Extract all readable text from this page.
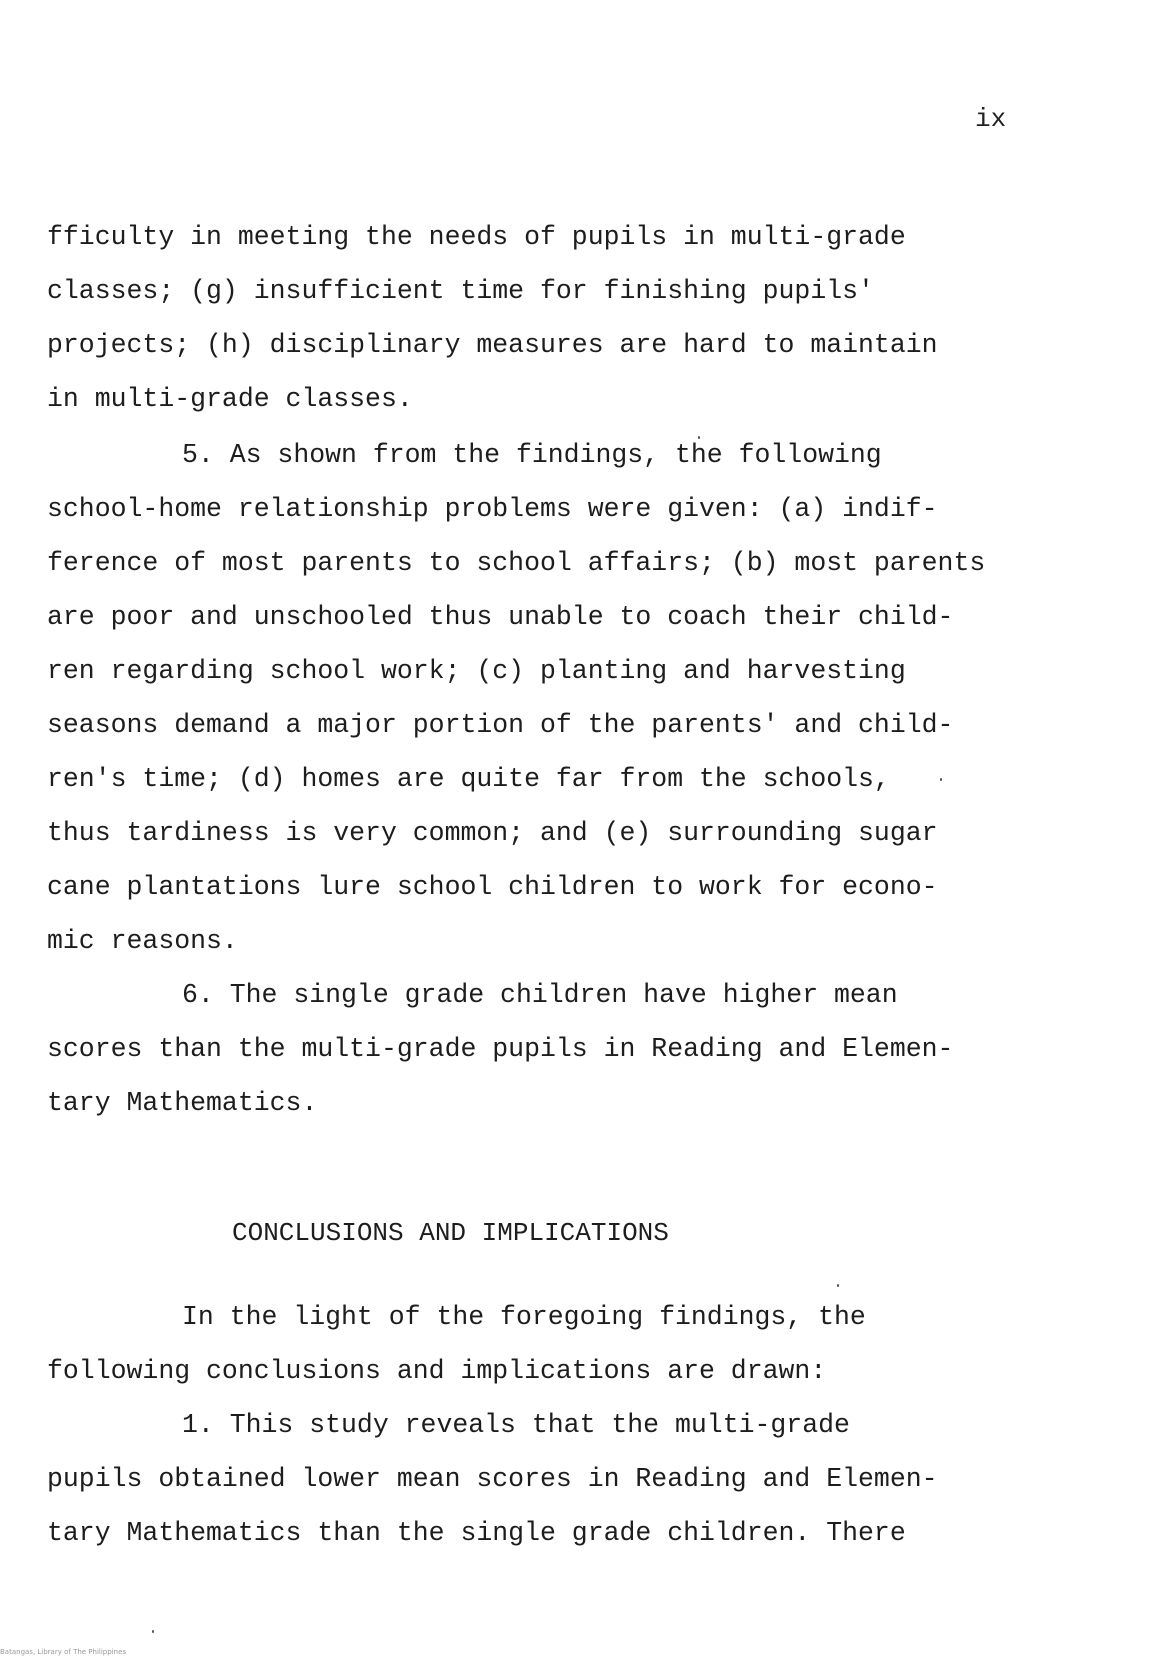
ix
fficulty in meeting the needs of pupils in multi-grade
classes; (g) insufficient time for finishing pupils'
projects; (h) disciplinary measures are hard to maintain
in multi-grade classes.
5. As shown from the findings, the following
school-home relationship problems were given: (a) indif-
ference of most parents to school affairs; (b) most parents
are poor and unschooled thus unable to coach their child-
ren regarding school work; (c) planting and harvesting
seasons demand a major portion of the parents' and child-
ren's time; (d) homes are quite far from the schools,
thus tardiness is very common; and (e) surrounding sugar
cane plantations lure school children to work for econo-
mic reasons.
6. The single grade children have higher mean
scores than the multi-grade pupils in Reading and Elemen-
tary Mathematics.
CONCLUSIONS AND IMPLICATIONS
In the light of the foregoing findings, the
following conclusions and implications are drawn:
1. This study reveals that the multi-grade
pupils obtained lower mean scores in Reading and Elemen-
tary Mathematics than the single grade children. There
Batangas, Library of The Philippines
